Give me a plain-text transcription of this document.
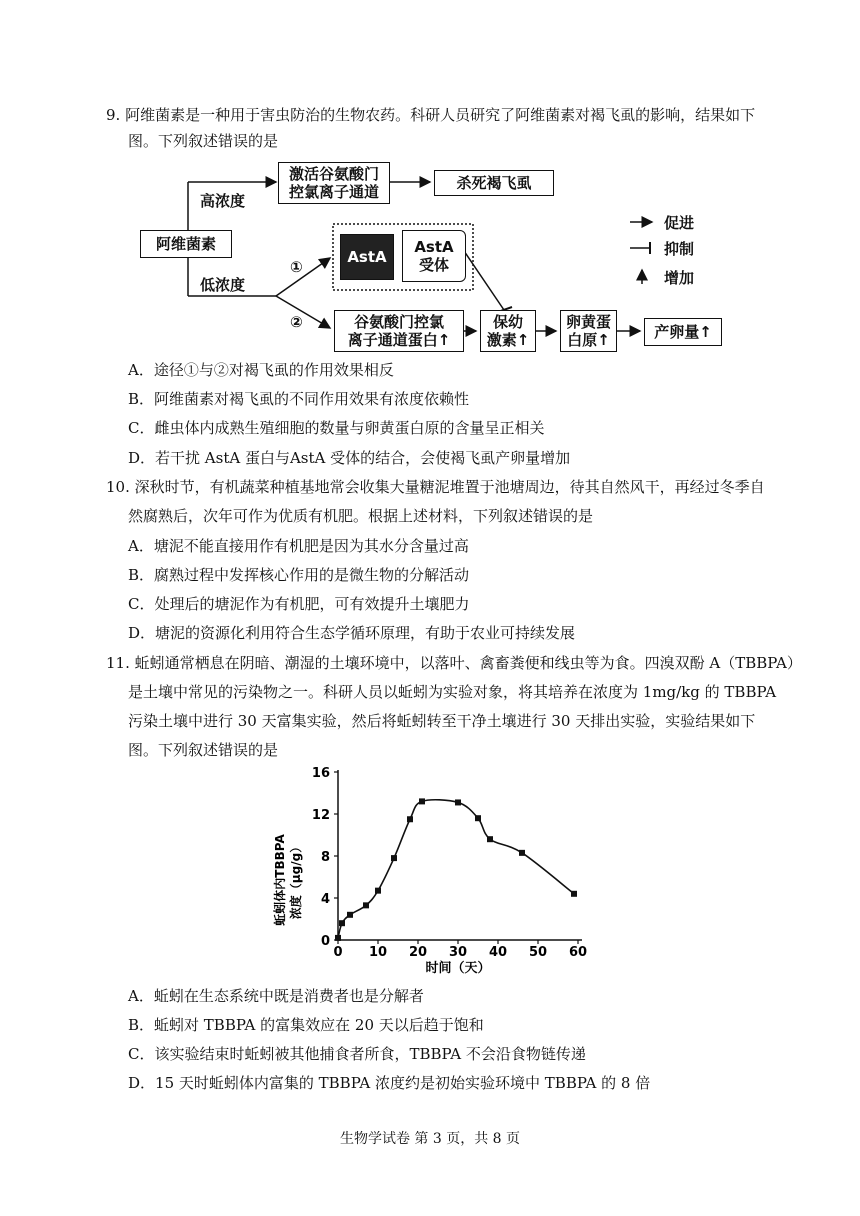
9. 阿维菌素是一种用于害虫防治的生物农药。科研人员研究了阿维菌素对褐飞虱的影响，结果如下
图。下列叙述错误的是
阿维菌素
高浓度
低浓度
①
②
激活谷氨酸门
控氯离子通道	杀死褐飞虱
AstA
AstA
受体
谷氨酸门控氯
离子通道蛋白↑
保幼
激素↑
卵黄蛋
白原↑	产卵量↑
促进
抑制
增加
A．途径①与②对褐飞虱的作用效果相反
B．阿维菌素对褐飞虱的不同作用效果有浓度依赖性
C．雌虫体内成熟生殖细胞的数量与卵黄蛋白原的含量呈正相关
D．若干扰 AstA 蛋白与AstA 受体的结合，会使褐飞虱产卵量增加
10. 深秋时节，有机蔬菜种植基地常会收集大量糖泥堆置于池塘周边，待其自然风干，再经过冬季自
然腐熟后，次年可作为优质有机肥。根据上述材料，下列叙述错误的是
A．塘泥不能直接用作有机肥是因为其水分含量过高
B．腐熟过程中发挥核心作用的是微生物的分解活动
C．处理后的塘泥作为有机肥，可有效提升土壤肥力
D．塘泥的资源化利用符合生态学循环原理，有助于农业可持续发展
11. 蚯蚓通常栖息在阴暗、潮湿的土壤环境中，以落叶、禽畜粪便和线虫等为食。四溴双酚 A（TBBPA）
是土壤中常见的污染物之一。科研人员以蚯蚓为实验对象，将其培养在浓度为 1mg/kg 的 TBBPA
污染土壤中进行 30 天富集实验，然后将蚯蚓转至干净土壤进行 30 天排出实验，实验结果如下
图。下列叙述错误的是
蚯蚓体内TBBPA 浓度（μg/g）
时间（天）
0 10 20 30 40 50 60
0
4
8
12
16
A．蚯蚓在生态系统中既是消费者也是分解者
B．蚯蚓对 TBBPA 的富集效应在 20 天以后趋于饱和
C．该实验结束时蚯蚓被其他捕食者所食，TBBPA 不会沿食物链传递
D．15 天时蚯蚓体内富集的 TBBPA 浓度约是初始实验环境中 TBBPA 的 8 倍
生物学试卷 第 3 页，共 8 页
